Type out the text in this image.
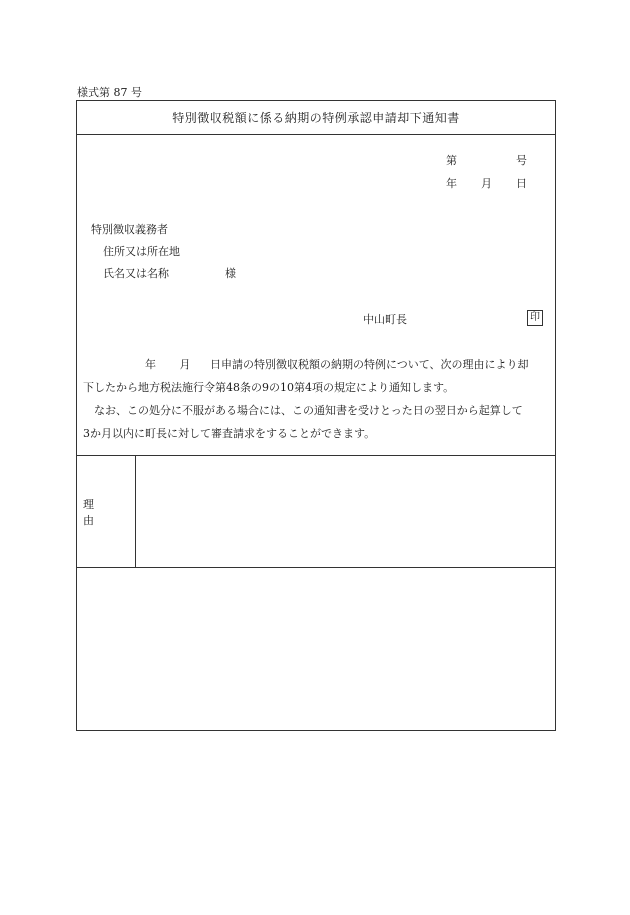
様式第 87 号
特別徴収税額に係る納期の特例承認申請却下通知書
第	号
年 月 日
特別徴収義務者
住所又は所在地
氏名又は名称	様
中山町長	印
年 月 日申請の特別徴収税額の納期の特例について、次の理由により却
下したから地方税法施行令第48条の9の10第4項の規定により通知します。
なお、この処分に不服がある場合には、この通知書を受けとった日の翌日から起算して
3か月以内に町長に対して審査請求をすることができます。
理由
